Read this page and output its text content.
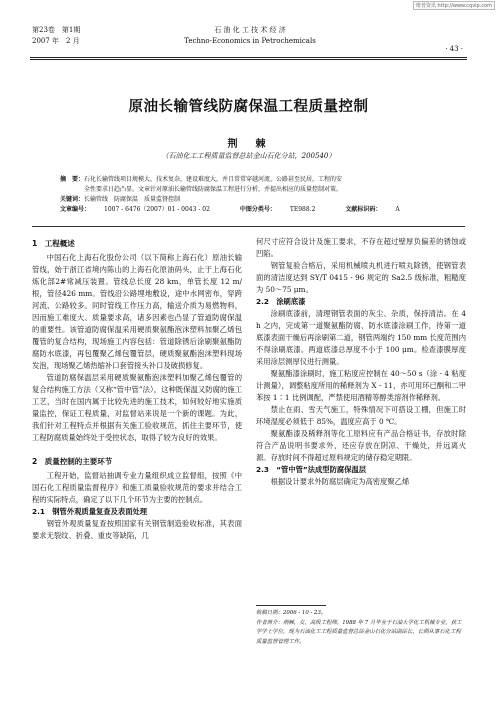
维普资讯 http://www.cqvip.com
第23卷　第1期
2007 年　2 月
石 油 化 工 技 术 经 济
Techno-Economics in Petrochemicals
· 43 ·
原油长输管线防腐保温工程质量控制
荆　棘
（石油化工工程质量监督总站金山石化分站，200540）
摘　要：石化长输管线项目规模大，技术复杂，建设难度大，并且常常穿越河流、公路甚至民居，工程的安
全性要求日趋凸显。文章针对原油长输管线防腐保温工程进行分析，并提出相应的质量控制对策。
关键词：长输管线　防腐保温　质量监督控制
文章编号： 1007 - 6476（2007）01 - 0043 - 02	中图分类号： TE988.2	文献标识码： A
1　工程概述

中国石化上海石化股份公司（以下简称上海石化）原油长输管线，始于浙江省境内陈山的上海石化原油码头，止于上海石化炼化部2#常减压装置。管线总长度 28 km，单管长度 12 m/根，管径426 mm。管线沿公路埋地敷设，途中水网密布，穿跨河流、公路较多。同时管线工作压力高，输送介质为易燃物料，因而施工难度大、质量要求高，诸多因素也凸显了管道防腐保温的重要性。该管道防腐保温采用硬质聚氨酯泡沫塑料加聚乙烯包覆管的复合结构，现场施工内容包括：管道除锈后涂刷聚氨酯防腐防水底漆，再包覆聚乙烯包覆管层，硬质聚氨酯泡沫塑料现场发泡，现场聚乙烯热缩补口套管接头补口及破损修复。

管道防腐保温层采用硬质聚氨酯泡沫塑料加聚乙烯包覆管的复合结构施工方法（又称“管中管”法），这种既保温又防腐的施工工艺，当时在国内属于比较先进的施工技术，如何较好地实施质量监控，保证工程质量，对监督站来说是一个新的课题。为此，我们针对工程特点并根据有关施工验收规范，抓住主要环节，使工程防腐质量始终处于受控状态，取得了较为良好的效果。

2　质量控制的主要环节

工程开始，监督站抽调专业力量组织成立监督组，按照《中国石化工程质量监督程序》和施工质量验收规范的要求并结合工程的实际特点，确定了以下几个环节为主要的控制点。

2.1　钢管外观质量复查及表面处理

钢管外观质量复查按照国家有关钢管制造验收标准，其表面要求无裂纹、折叠、重皮等缺陷，几

何尺寸应符合设计及施工要求，不存在超过壁厚负偏差的锈蚀或凹陷。

钢管复验合格后，采用机械喷丸机进行喷丸除锈，使钢管表面的清洁度达到 SY/T 0415 - 96 规定的 Sa2.5 级标准，粗糙度为 50～75 μm。

2.2　涂刷底漆

涂刷底漆前，清理钢管表面的灰尘、杂质，保持清洁。在 4 h 之内，完成第一道聚氨酯防腐、防水底漆涂刷工作，待第一道底漆表面干燥后再涂刷第二道，钢管两端约 150 mm 长度范围内不得涂刷底漆。两道底漆总厚度不小于 100 μm。检查漆膜厚度采用涂层测厚仪进行测量。

聚氨酯漆涂刷时，施工粘度应控制在 40～50 s（涂 - 4 粘度计测量），调整粘度所用的稀释剂为 X - 11，亦可用环已酮和二甲苯按 1∶1 比例调配，严禁使用酒精等醇类溶剂作稀释剂。

禁止在雨、雪天气施工，特殊情况下可搭设工棚，但施工时环境湿度必须低于 85%，温度应高于 0 ℃。

聚氨酯漆及稀释剂等化工原料应有产品合格证书，存放时除符合产品说明书要求外，还应存放在阴凉、干燥处，并远离火源。存放时间不得超过原料规定的储存稳定期限。

2.3　“管中管”法成型防腐保温层

根据设计要求外防腐层确定为高密度聚乙烯

收稿日期：2006 - 10 - 23。
作者简介：荆棘，女，高级工程师，1988 年 7 月毕业于石油大学化工机械专业，获工学学士学位，现为石油化工工程质量监督总站金山石化分站副站长，长期从事石化工程质量监督管理工作。
